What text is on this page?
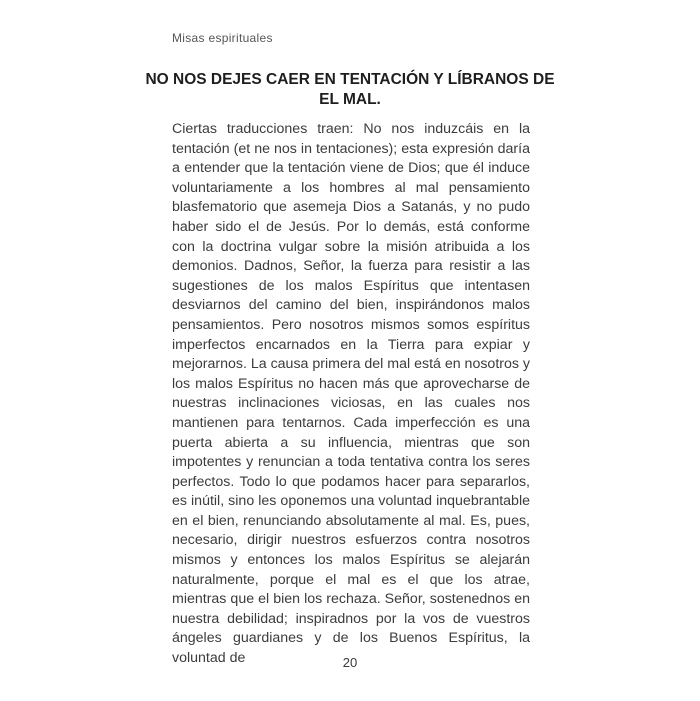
Misas espirituales
NO NOS DEJES CAER EN TENTACIÓN Y LÍBRANOS DE EL MAL.

Ciertas traducciones traen: No nos induzcáis en la tentación (et ne nos in tentaciones); esta expresión daría a entender que la tentación viene de Dios; que él induce voluntariamente a los hombres al mal pensamiento blasfematorio que asemeja Dios a Satanás, y no pudo haber sido el de Jesús. Por lo demás, está conforme con la doctrina vulgar sobre la misión atribuida a los demonios. Dadnos, Señor, la fuerza para resistir a las sugestiones de los malos Espíritus que intentasen desviarnos del camino del bien, inspirándonos malos pensamientos. Pero nosotros mismos somos espíritus imperfectos encarnados en la Tierra para expiar y mejorarnos. La causa primera del mal está en nosotros y los malos Espíritus no hacen más que aprovecharse de nuestras inclinaciones viciosas, en las cuales nos mantienen para tentarnos. Cada imperfección es una puerta abierta a su influencia, mientras que son impotentes y renuncian a toda tentativa contra los seres perfectos. Todo lo que podamos hacer para separarlos, es inútil, sino les oponemos una voluntad inquebrantable en el bien, renunciando absolutamente al mal. Es, pues, necesario, dirigir nuestros esfuerzos contra nosotros mismos y entonces los malos Espíritus se alejarán naturalmente, porque el mal es el que los atrae, mientras que el bien los rechaza. Señor, sostenednos en nuestra debilidad; inspiradnos por la vos de vuestros ángeles guardianes y de los Buenos Espíritus, la voluntad de	20
